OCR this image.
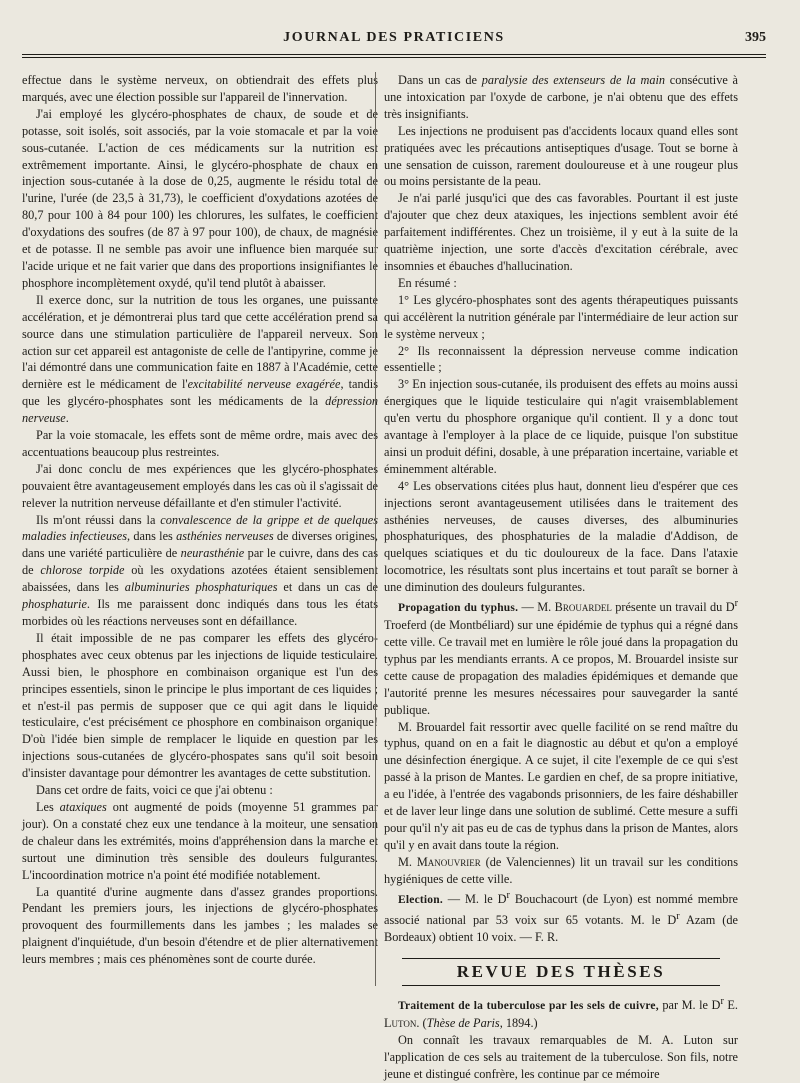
JOURNAL DES PRATICIENS	395

effectue dans le système nerveux, on obtiendrait des effets plus marqués, avec une élection possible sur l'appareil de l'innervation.

J'ai employé les glycéro-phosphates de chaux, de soude et de potasse, soit isolés, soit associés, par la voie stomacale et par la voie sous-cutanée. L'action de ces médicaments sur la nutrition est extrêmement importante. Ainsi, le glycéro-phosphate de chaux en injection sous-cutanée à la dose de 0,25, augmente le résidu total de l'urine, l'urée (de 23,5 à 31,73), le coefficient d'oxydations azotées de 80,7 pour 100 à 84 pour 100) les chlorures, les sulfates, le coefficient d'oxydations des soufres (de 87 à 97 pour 100), de chaux, de magnésie et de potasse. Il ne semble pas avoir une influence bien marquée sur l'acide urique et ne fait varier que dans des proportions insignifiantes le phosphore incomplètement oxydé, qu'il tend plutôt à abaisser.

Il exerce donc, sur la nutrition de tous les organes, une puissante accélération, et je démontrerai plus tard que cette accélération prend sa source dans une stimulation particulière de l'appareil nerveux. Son action sur cet appareil est antagoniste de celle de l'antipyrine, comme je l'ai démontré dans une communication faite en 1887 à l'Académie, cette dernière est le médicament de l'excitabilité nerveuse exagérée, tandis que les glycéro-phosphates sont les médicaments de la dépression nerveuse.

Par la voie stomacale, les effets sont de même ordre, mais avec des accentuations beaucoup plus restreintes.

J'ai donc conclu de mes expériences que les glycéro-phosphates pouvaient être avantageusement employés dans les cas où il s'agissait de relever la nutrition nerveuse défaillante et d'en stimuler l'activité.

Ils m'ont réussi dans la convalescence de la grippe et de quelques maladies infectieuses, dans les asthénies nerveuses de diverses origines, dans une variété particulière de neurasthénie par le cuivre, dans des cas de chlorose torpide où les oxydations azotées étaient sensiblement abaissées, dans les albuminuries phosphaturiques et dans un cas de phosphaturie. Ils me paraissent donc indiqués dans tous les états morbides où les réactions nerveuses sont en défaillance.

Il était impossible de ne pas comparer les effets des glycéro-phosphates avec ceux obtenus par les injections de liquide testiculaire. Aussi bien, le phosphore en combinaison organique est l'un des principes essentiels, sinon le principe le plus important de ces liquides ; et n'est-il pas permis de supposer que ce qui agit dans le liquide testiculaire, c'est précisément ce phosphore en combinaison organique! D'où l'idée bien simple de remplacer le liquide en question par les injections sous-cutanées de glycéro-phospates sans qu'il soit besoin d'insister davantage pour démontrer les avantages de cette substitution.

Dans cet ordre de faits, voici ce que j'ai obtenu :

Les ataxiques ont augmenté de poids (moyenne 51 grammes par jour). On a constaté chez eux une tendance à la moiteur, une sensation de chaleur dans les extrémités, moins d'appréhension dans la marche et surtout une diminution très sensible des douleurs fulgurantes. L'incoordination motrice n'a point été modifiée notablement.

La quantité d'urine augmente dans d'assez grandes proportions. Pendant les premiers jours, les injections de glycéro-phosphates provoquent des fourmillements dans les jambes ; les malades se plaignent d'inquiétude, d'un besoin d'étendre et de plier alternativement leurs membres ; mais ces phénomènes sont de courte durée.

Dans un cas de paralysie des extenseurs de la main consécutive à une intoxication par l'oxyde de carbone, je n'ai obtenu que des effets très insignifiants.

Les injections ne produisent pas d'accidents locaux quand elles sont pratiquées avec les précautions antiseptiques d'usage. Tout se borne à une sensation de cuisson, rarement douloureuse et à une rougeur plus ou moins persistante de la peau.

Je n'ai parlé jusqu'ici que des cas favorables. Pourtant il est juste d'ajouter que chez deux ataxiques, les injections semblent avoir été parfaitement indifférentes. Chez un troisième, il y eut à la suite de la quatrième injection, une sorte d'accès d'excitation cérébrale, avec insomnies et ébauches d'hallucination.

En résumé :

1° Les glycéro-phosphates sont des agents thérapeutiques puissants qui accélèrent la nutrition générale par l'intermédiaire de leur action sur le système nerveux ;

2° Ils reconnaissent la dépression nerveuse comme indication essentielle ;

3° En injection sous-cutanée, ils produisent des effets au moins aussi énergiques que le liquide testiculaire qui n'agit vraisemblablement qu'en vertu du phosphore organique qu'il contient. Il y a donc tout avantage à l'employer à la place de ce liquide, puisque l'on substitue ainsi un produit défini, dosable, à une préparation incertaine, variable et éminemment altérable.

4° Les observations citées plus haut, donnent lieu d'espérer que ces injections seront avantageusement utilisées dans le traitement des asthénies nerveuses, de causes diverses, des albuminuries phosphaturiques, des phosphaturies de la maladie d'Addison, de quelques sciatiques et du tic douloureux de la face. Dans l'ataxie locomotrice, les résultats sont plus incertains et tout paraît se borner à une diminution des douleurs fulgurantes.

Propagation du typhus. — M. Brouardel présente un travail du $D^r$ Troeferd (de Montbéliard) sur une épidémie de typhus qui a régné dans cette ville. Ce travail met en lumière le rôle joué dans la propagation du typhus par les mendiants errants. A ce propos, M. Brouardel insiste sur cette cause de propagation des maladies épidémiques et demande que l'autorité prenne les mesures nécessaires pour sauvegarder la santé publique.

M. Brouardel fait ressortir avec quelle facilité on se rend maître du typhus, quand on en a fait le diagnostic au début et qu'on a employé une désinfection énergique. A ce sujet, il cite l'exemple de ce qui s'est passé à la prison de Mantes. Le gardien en chef, de sa propre initiative, a eu l'idée, à l'entrée des vagabonds prisonniers, de les faire déshabiller et de laver leur linge dans une solution de sublimé. Cette mesure a suffi pour qu'il n'y ait pas eu de cas de typhus dans la prison de Mantes, alors qu'il y en avait dans toute la région.

M. Manouvrier (de Valenciennes) lit un travail sur les conditions hygiéniques de cette ville.

Election. — M. le $D^r$ Bouchacourt (de Lyon) est nommé membre associé national par 53 voix sur 65 votants. M. le $D^r$ Azam (de Bordeaux) obtient 10 voix. — F. R.

REVUE DES THÈSES

Traitement de la tuberculose par les sels de cuivre, par M. le $D^r$ E. Luton. (Thèse de Paris, 1894.)

On connaît les travaux remarquables de M. A. Luton sur l'application de ces sels au traitement de la tuberculose. Son fils, notre jeune et distingué confrère, les continue par ce mémoire
